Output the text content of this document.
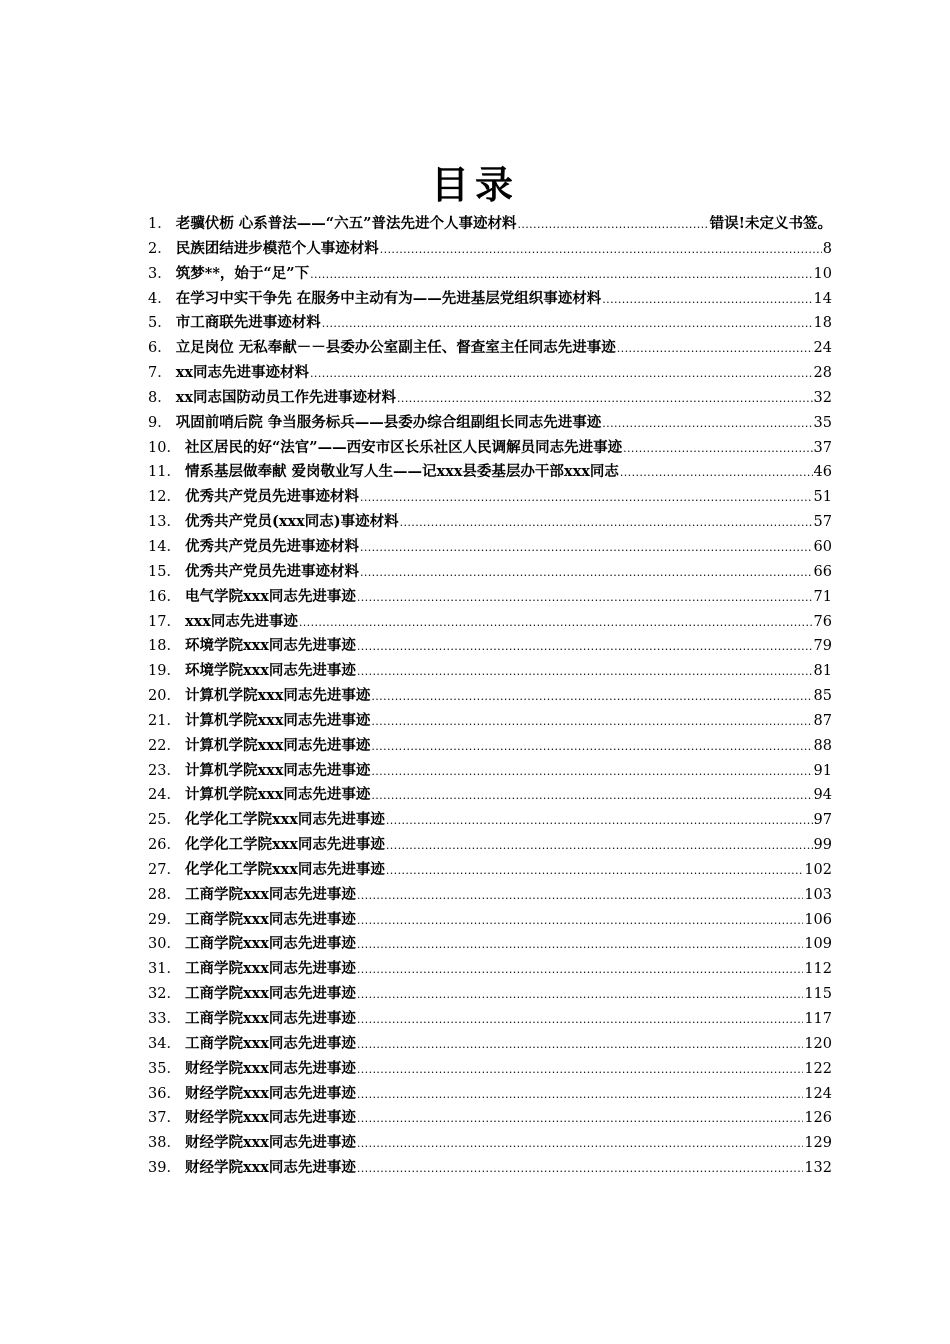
目录
1． 老骥伏枥 心系普法——“六五”普法先进个人事迹材料 .....	错误!未定义书签。
2． 民族团结进步模范个人事迹材料 .....	8
3． 筑梦**，始于“足”下 .....	10
4． 在学习中实干争先 在服务中主动有为——先进基层党组织事迹材料 .....	14
5． 市工商联先进事迹材料 .....	18
6． 立足岗位 无私奉献－－县委办公室副主任、督查室主任同志先进事迹 .....	24
7． xx同志先进事迹材料 .....	28
8． xx同志国防动员工作先进事迹材料 .....	32
9． 巩固前哨后院 争当服务标兵——县委办综合组副组长同志先进事迹 .....	35
10． 社区居民的好“法官”——西安市区长乐社区人民调解员同志先进事迹 .....	37
11． 情系基层做奉献 爱岗敬业写人生——记xxx县委基层办干部xxx同志 .....	46
12． 优秀共产党员先进事迹材料 .....	51
13． 优秀共产党员(xxx同志)事迹材料 .....	57
14． 优秀共产党员先进事迹材料 .....	60
15． 优秀共产党员先进事迹材料 .....	66
16． 电气学院xxx同志先进事迹 .....	71
17． xxx同志先进事迹 .....	76
18． 环境学院xxx同志先进事迹 .....	79
19． 环境学院xxx同志先进事迹 .....	81
20． 计算机学院xxx同志先进事迹 .....	85
21． 计算机学院xxx同志先进事迹 .....	87
22． 计算机学院xxx同志先进事迹 .....	88
23． 计算机学院xxx同志先进事迹 .....	91
24． 计算机学院xxx同志先进事迹 .....	94
25． 化学化工学院xxx同志先进事迹 .....	97
26． 化学化工学院xxx同志先进事迹 .....	99
27． 化学化工学院xxx同志先进事迹 .....	102
28． 工商学院xxx同志先进事迹 .....	103
29． 工商学院xxx同志先进事迹 .....	106
30． 工商学院xxx同志先进事迹 .....	109
31． 工商学院xxx同志先进事迹 .....	112
32． 工商学院xxx同志先进事迹 .....	115
33． 工商学院xxx同志先进事迹 .....	117
34． 工商学院xxx同志先进事迹 .....	120
35． 财经学院xxx同志先进事迹 .....	122
36． 财经学院xxx同志先进事迹 .....	124
37． 财经学院xxx同志先进事迹 .....	126
38． 财经学院xxx同志先进事迹 .....	129
39． 财经学院xxx同志先进事迹 .....	132
